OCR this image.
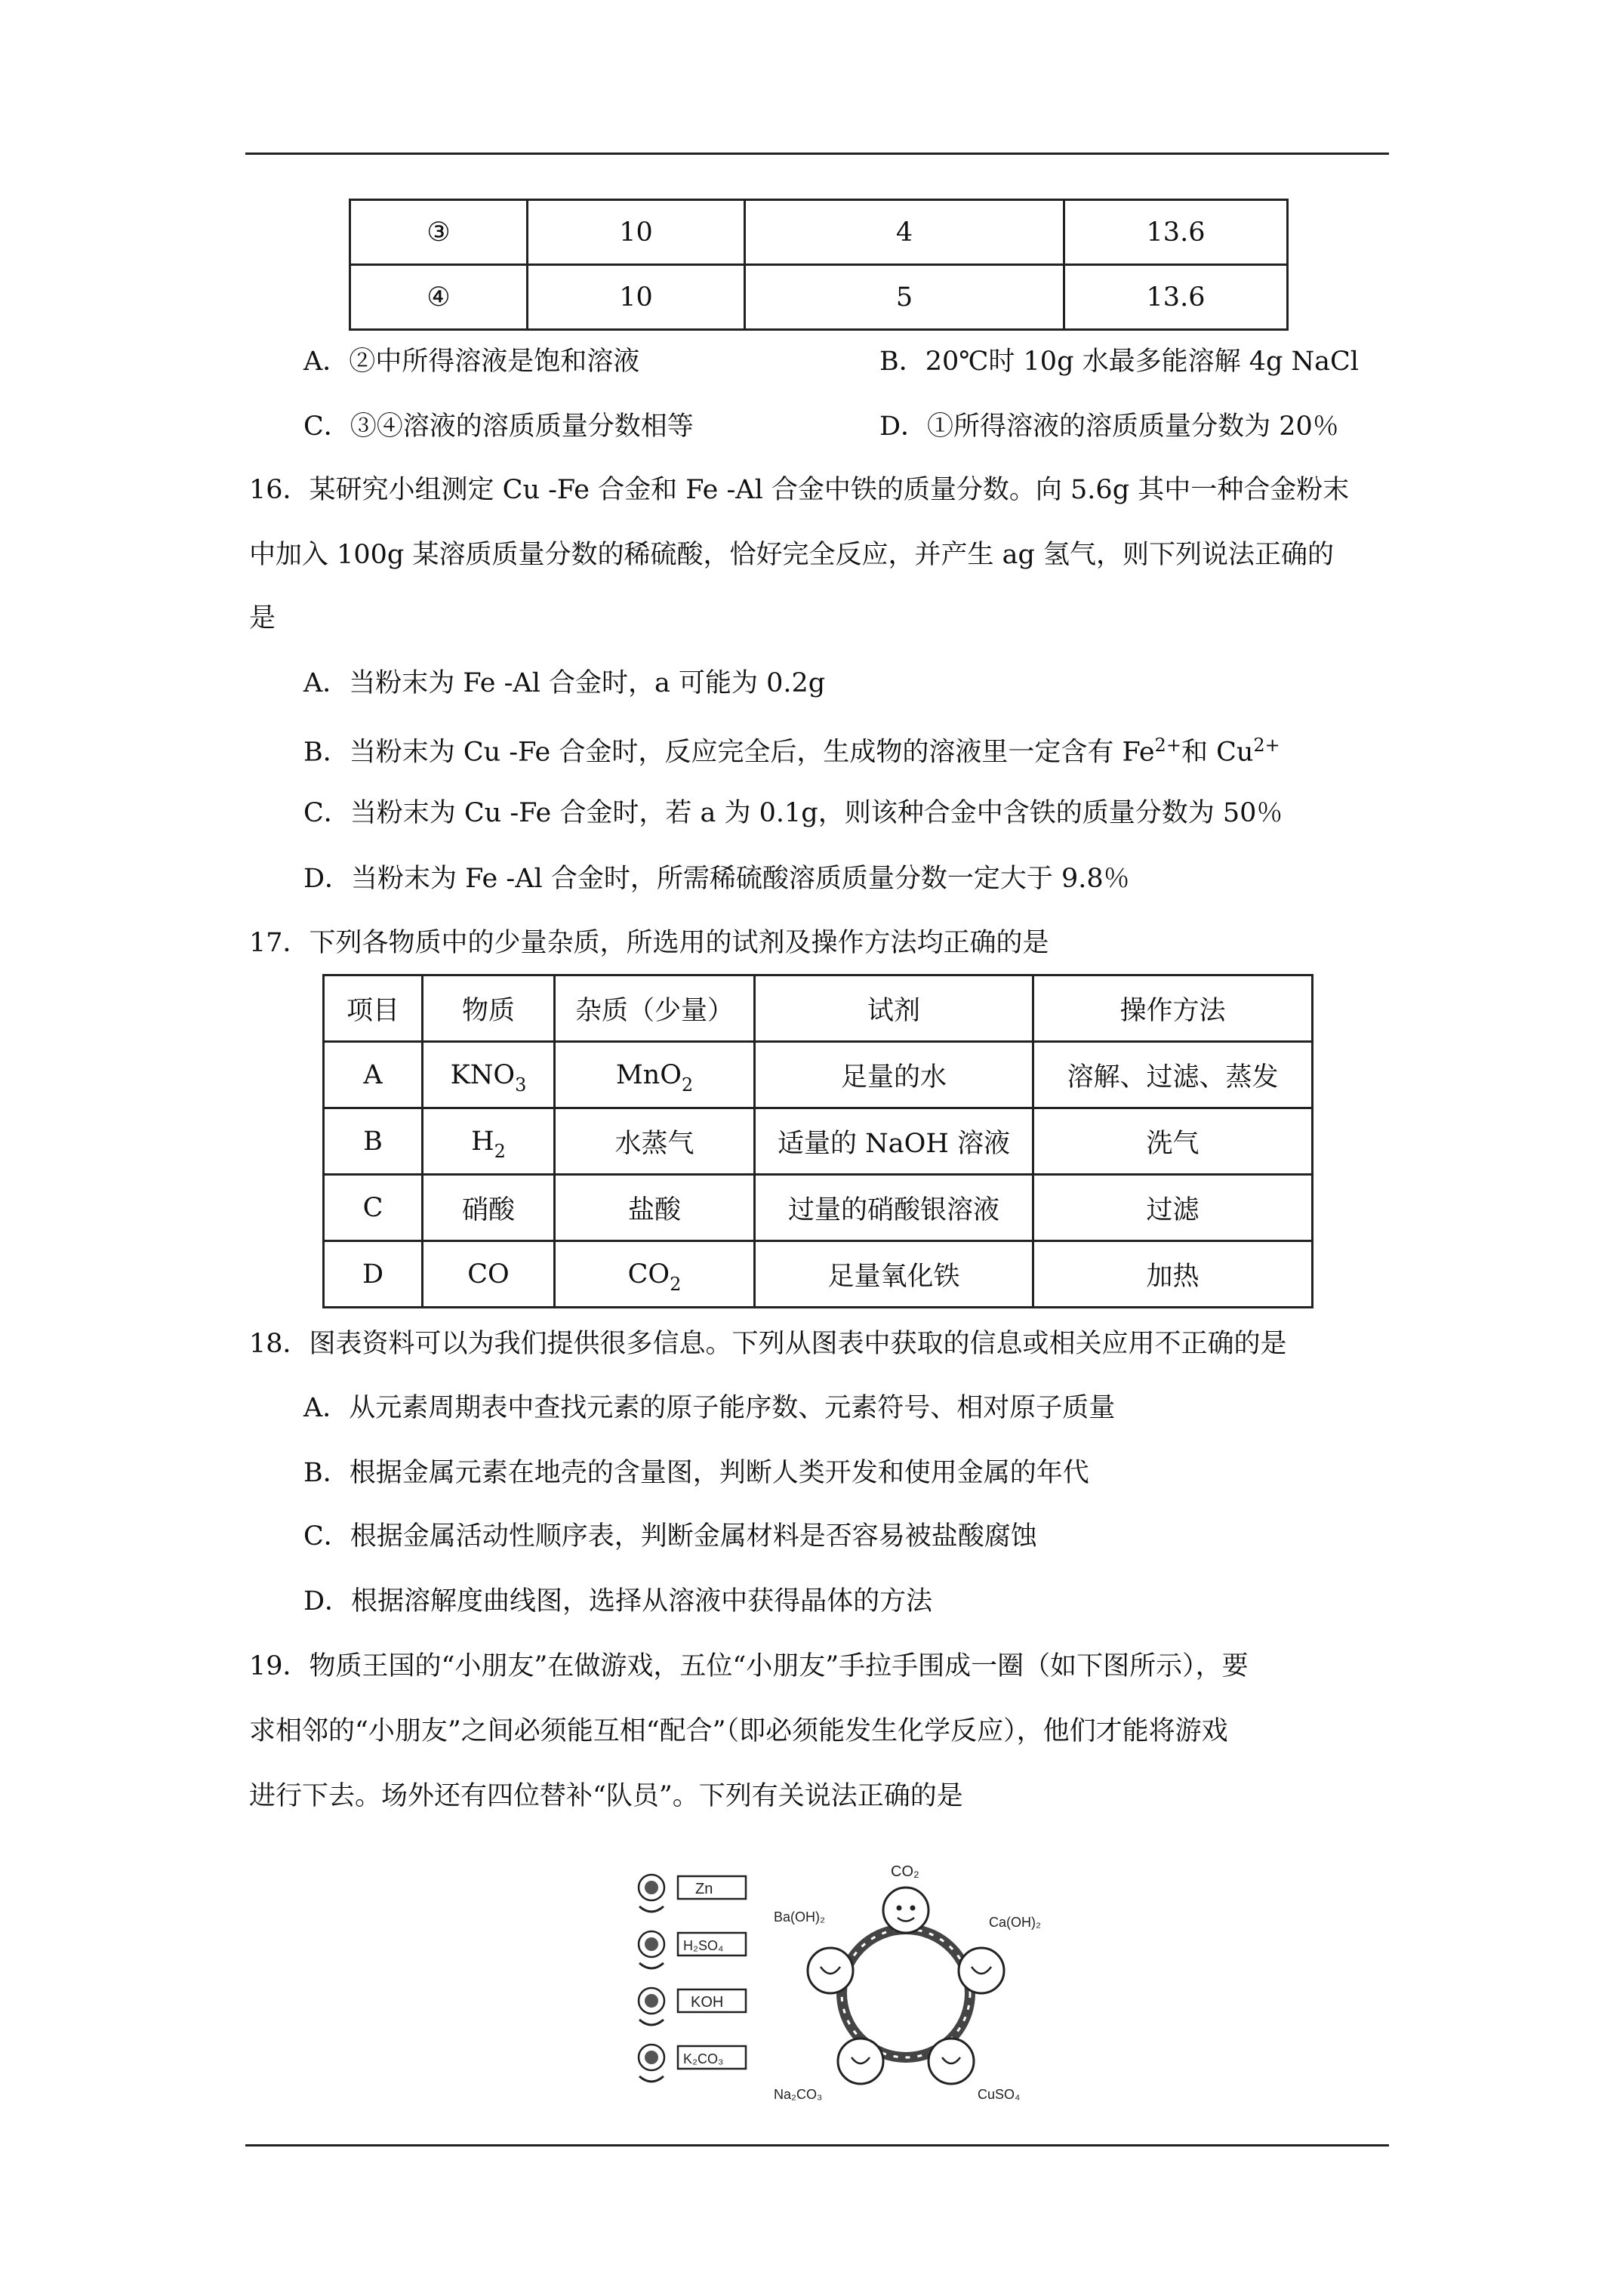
③	10	4	13.6
④	10	5	13.6
A．②中所得溶液是饱和溶液	B．20℃时 10g 水最多能溶解 4g NaCl
C．③④溶液的溶质质量分数相等	D．①所得溶液的溶质质量分数为 20％
16．某研究小组测定 Cu -Fe 合金和 Fe -Al 合金中铁的质量分数。向 5.6g 其中一种合金粉末
中加入 100g 某溶质质量分数的稀硫酸，恰好完全反应，并产生 ag 氢气，则下列说法正确的
是
A．当粉末为 Fe -Al 合金时，a 可能为 0.2g
B．当粉末为 Cu -Fe 合金时，反应完全后，生成物的溶液里一定含有 $Fe^{2+}$和 $Cu^{2+}$
C．当粉末为 Cu -Fe 合金时，若 a 为 0.1g，则该种合金中含铁的质量分数为 50％
D．当粉末为 Fe -Al 合金时，所需稀硫酸溶质质量分数一定大于 9.8％
17．下列各物质中的少量杂质，所选用的试剂及操作方法均正确的是
项目	物质	杂质（少量）	试剂	操作方法
A	$KNO_3$	MnO$_2$	足量的水	溶解、过滤、蒸发
B	$H_2$	水蒸气	适量的 NaOH 溶液	洗气
C	硝酸	盐酸	过量的硝酸银溶液	过滤
D	CO	$CO_2$	足量氧化铁	加热
18．图表资料可以为我们提供很多信息。下列从图表中获取的信息或相关应用不正确的是
A．从元素周期表中查找元素的原子能序数、元素符号、相对原子质量
B．根据金属元素在地壳的含量图，判断人类开发和使用金属的年代
C．根据金属活动性顺序表，判断金属材料是否容易被盐酸腐蚀
D．根据溶解度曲线图，选择从溶液中获得晶体的方法
19．物质王国的“小朋友”在做游戏，五位“小朋友”手拉手围成一圈（如下图所示），要
求相邻的“小朋友”之间必须能互相“配合”（即必须能发生化学反应），他们才能将游戏
进行下去。场外还有四位替补“队员”。下列有关说法正确的是
Zn
H₂SO₄
KOH
K₂CO₃
CO₂
Ba(OH)₂	Ca(OH)₂
Na₂CO₃	CuSO₄
